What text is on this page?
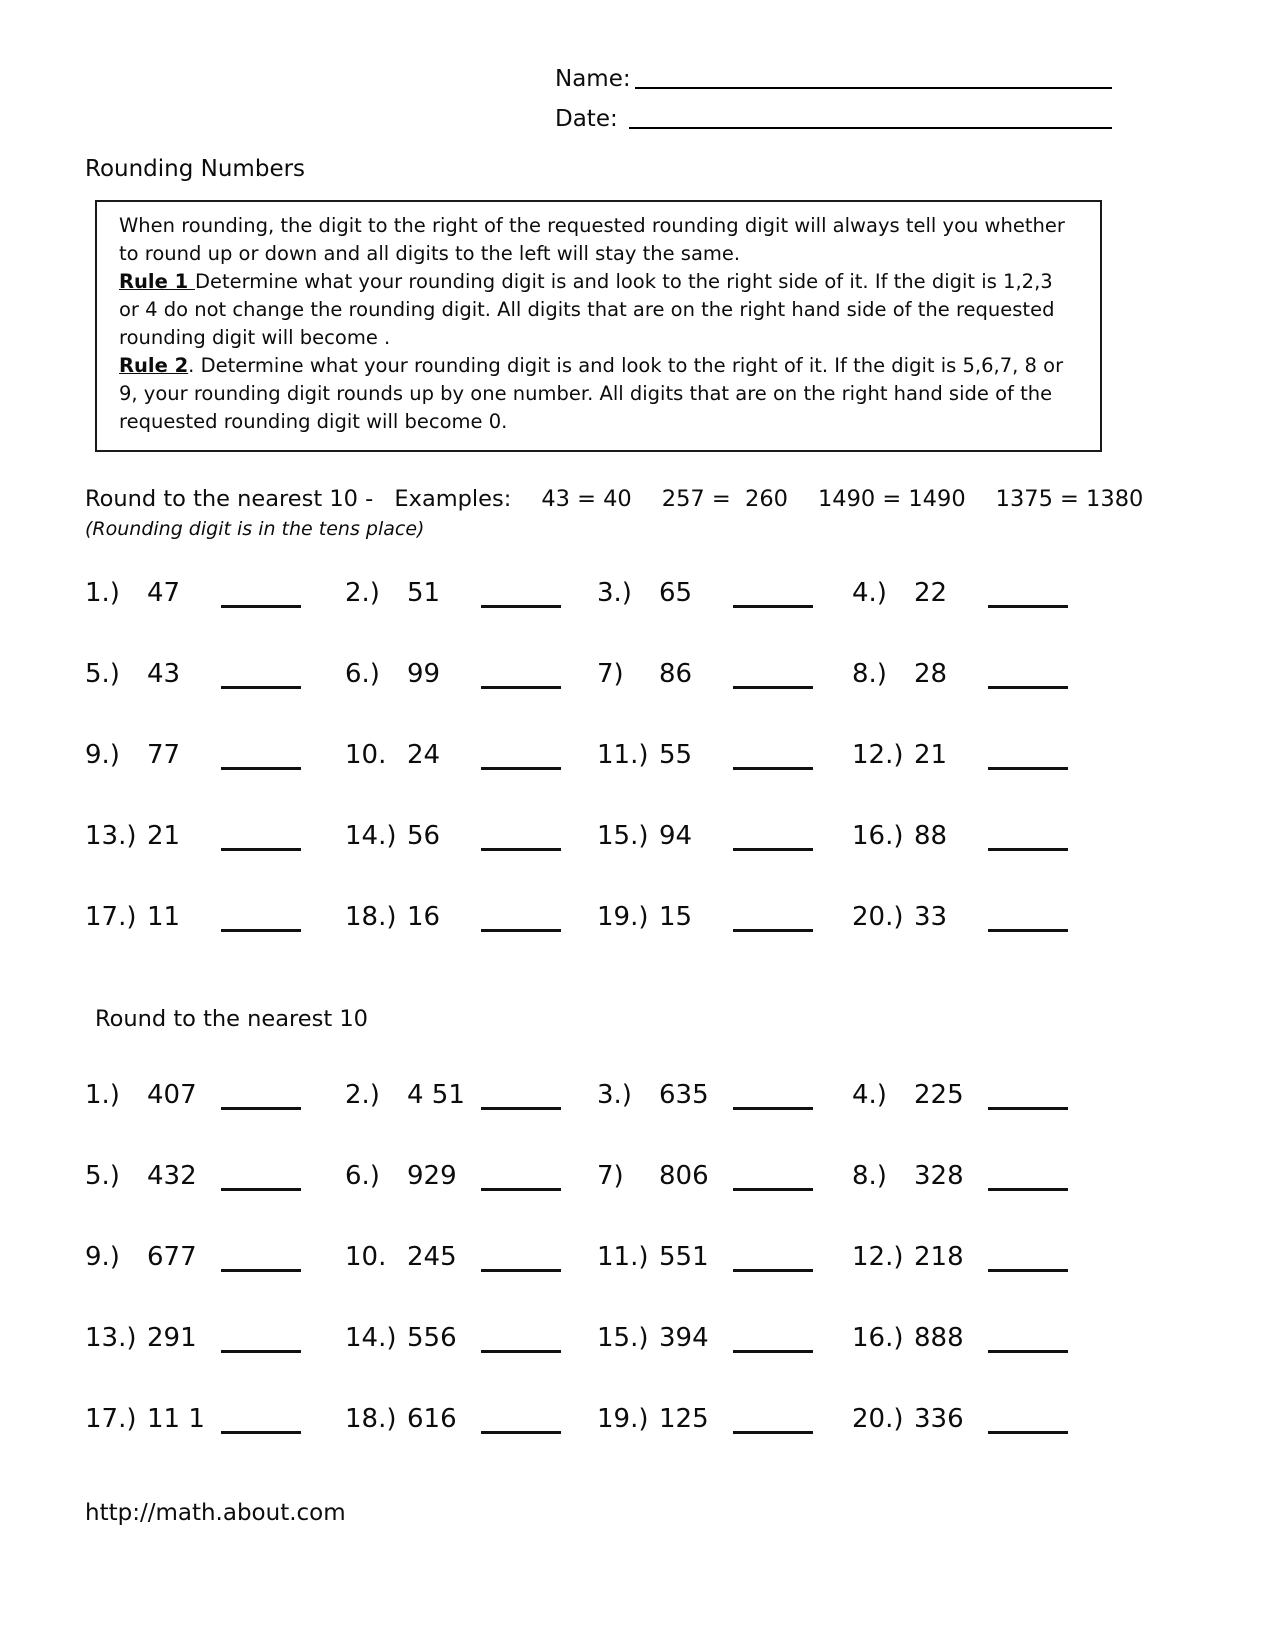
Name:
Date:
Rounding Numbers

When rounding, the digit to the right of the requested rounding digit will always tell you whether to round up or down and all digits to the left will stay the same.

Rule 1 Determine what your rounding digit is and look to the right side of it. If the digit is 1,2,3 or 4 do not change the rounding digit. All digits that are on the right hand side of the requested rounding digit will become .

Rule 2. Determine what your rounding digit is and look to the right of it. If the digit is 5,6,7, 8 or 9, your rounding digit rounds up by one number. All digits that are on the right hand side of the requested rounding digit will become 0.

Round to the nearest 10 - Examples: 43 = 40 257 =  260 1490 = 1490 1375 = 1380
(Rounding digit is in the tens place)
1.)	47	2.)	51	3.)	65	4.)	22
5.)	43	6.)	99	7)	86	8.)	28
9.)	77	10. 24	11.) 55	12.) 21
13.) 21	14.) 56	15.) 94	16.) 88
17.) 11	18.) 16	19.) 15	20.) 33
Round to the nearest 10
1.)	407	2.)	4 51	3.)	635	4.)	225
5.)	432	6.)	929	7)	806	8.)	328
9.)	677	10. 245	11.) 551	12.) 218
13.) 291	14.) 556	15.) 394	16.) 888
17.) 11 1	18.) 616	19.) 125	20.) 336
http://math.about.com
